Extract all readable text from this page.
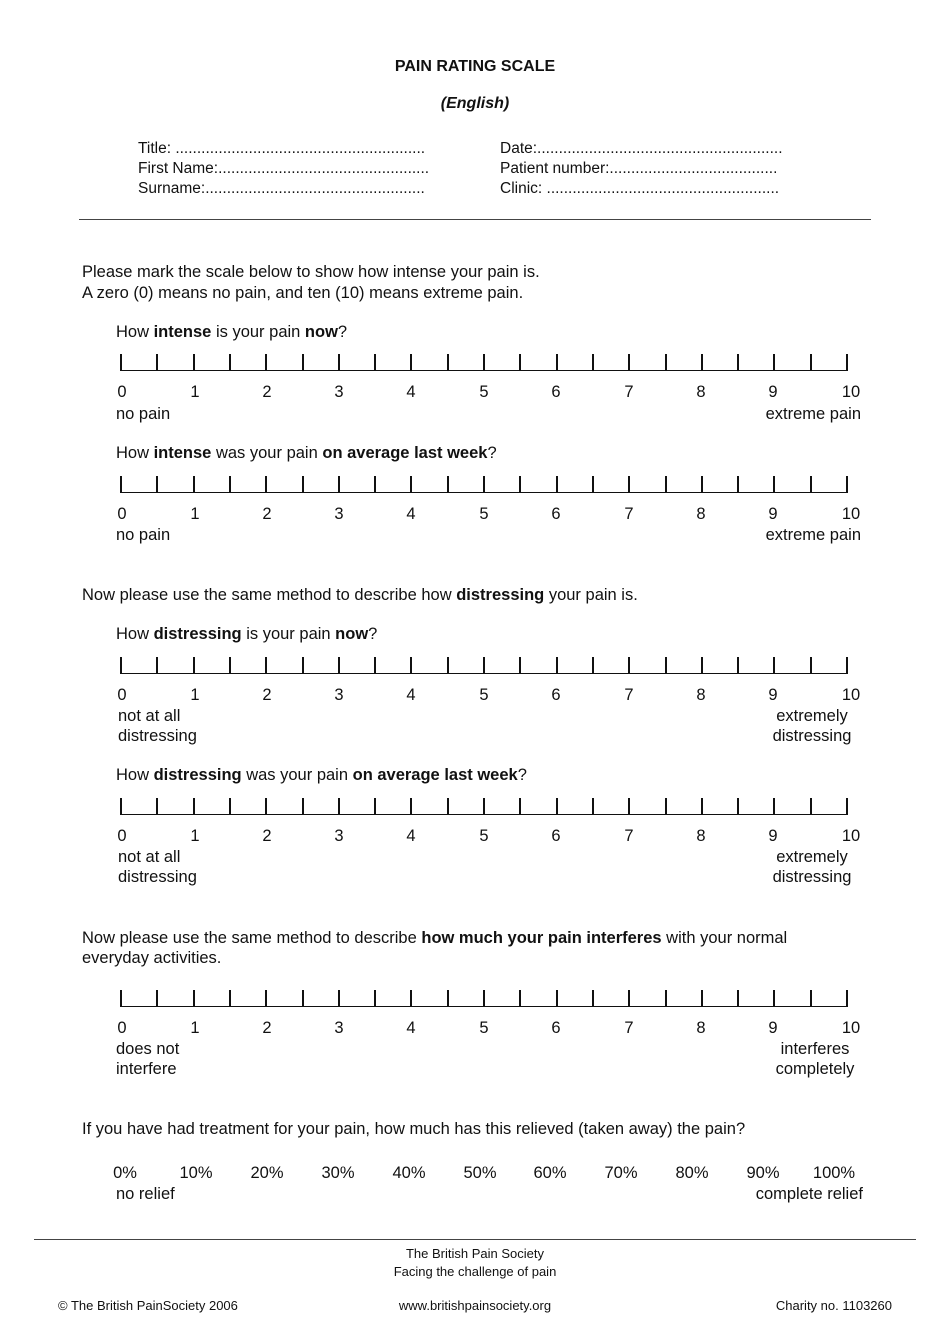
PAIN RATING SCALE
(English)
Title: ..........................................................
First Name:.................................................
Surname:...................................................
Date:.........................................................
Patient number:.......................................
Clinic: ......................................................
Please mark the scale below to show how intense your pain is.
A zero (0) means no pain, and ten (10) means extreme pain.
How intense is your pain now?
0	1	2	3	4	5	6	7	8	9	10
no pain	extreme pain
How intense was your pain on average last week?
0	1	2	3	4	5	6	7	8	9	10
no pain	extreme pain
Now please use the same method to describe how distressing your pain is.
How distressing is your pain now?
0	1	2	3	4	5	6	7	8	9	10
not at all
distressing
extremely
distressing
How distressing was your pain on average last week?
0	1	2	3	4	5	6	7	8	9	10
not at all
distressing
extremely
distressing
Now please use the same method to describe how much your pain interferes with your normal
everyday activities.
0	1	2	3	4	5	6	7	8	9	10
does not
interfere
interferes
completely
If you have had treatment for your pain, how much has this relieved (taken away) the pain?
0%	10%	20%	30%	40%	50%	60%	70%	80%	90%	100%
no relief	complete relief
The British Pain Society
Facing the challenge of pain
© The British PainSociety 2006	www.britishpainsociety.org	Charity no. 1103260
